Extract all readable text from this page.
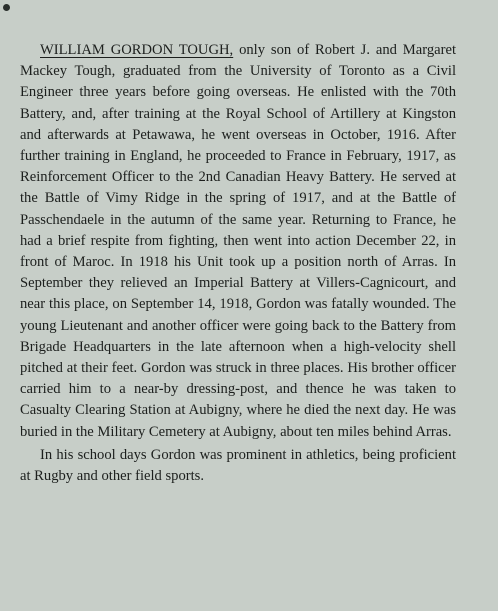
WILLIAM GORDON TOUGH, only son of Robert J. and Margaret Mackey Tough, graduated from the University of Toronto as a Civil Engineer three years before going overseas. He enlisted with the 70th Battery, and, after training at the Royal School of Artillery at Kingston and afterwards at Petawawa, he went overseas in October, 1916. After further training in England, he proceeded to France in February, 1917, as Reinforcement Officer to the 2nd Canadian Heavy Battery. He served at the Battle of Vimy Ridge in the spring of 1917, and at the Battle of Passchendaele in the autumn of the same year. Returning to France, he had a brief respite from fighting, then went into action December 22, in front of Maroc. In 1918 his Unit took up a position north of Arras. In September they relieved an Imperial Battery at Villers-Cagnicourt, and near this place, on September 14, 1918, Gordon was fatally wounded. The young Lieutenant and another officer were going back to the Battery from Brigade Headquarters in the late afternoon when a high-velocity shell pitched at their feet. Gordon was struck in three places. His brother officer carried him to a near-by dressing-post, and thence he was taken to Casualty Clearing Station at Aubigny, where he died the next day. He was buried in the Military Cemetery at Aubigny, about ten miles behind Arras.

In his school days Gordon was prominent in athletics, being proficient at Rugby and other field sports.
